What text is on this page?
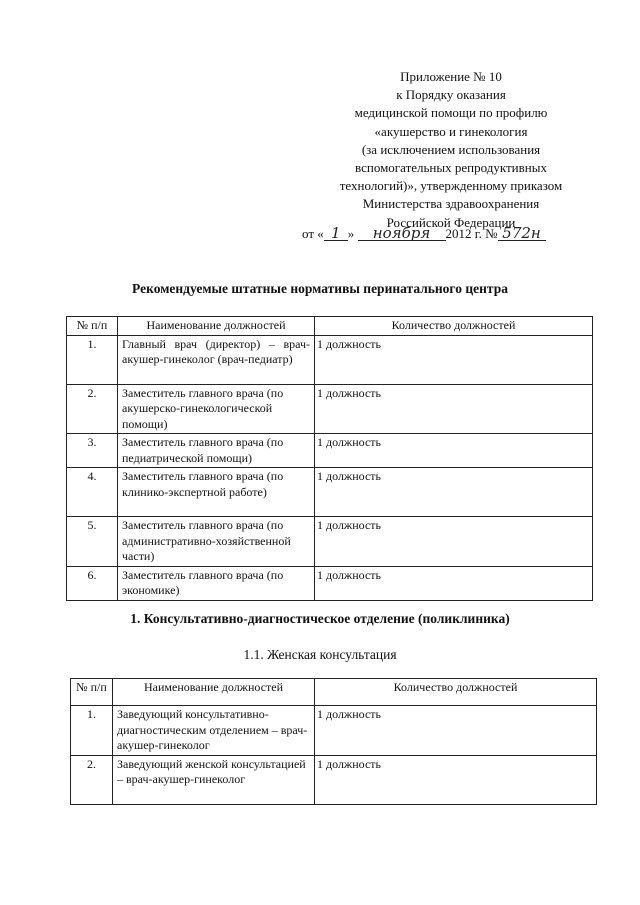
Приложение № 10
к Порядку оказания
медицинской помощи по профилю
«акушерство и гинекология
(за исключением использования
вспомогательных репродуктивных
технологий)», утвержденному приказом
Министерства здравоохранения
Российской Федерации
от « 1 » ноября 2012 г. № 572н
Рекомендуемые штатные нормативы перинатального центра
№ п/п	Наименование должностей	Количество должностей
1.	Главный врач (директор) – врач-акушер-гинеколог (врач-педиатр)	1 должность
2.	Заместитель главного врача (по акушерско-гинекологической помощи)	1 должность
3.	Заместитель главного врача (по педиатрической помощи)	1 должность
4.	Заместитель главного врача (по клинико-экспертной работе)	1 должность
5.	Заместитель главного врача (по административно-хозяйственной части)	1 должность
6.	Заместитель главного врача (по экономике)	1 должность
1. Консультативно-диагностическое отделение (поликлиника)
1.1. Женская консультация
№ п/п	Наименование должностей	Количество должностей
1.	Заведующий консультативно-диагностическим отделением – врач-акушер-гинеколог	1 должность
2.	Заведующий женской консультацией – врач-акушер-гинеколог	1 должность
